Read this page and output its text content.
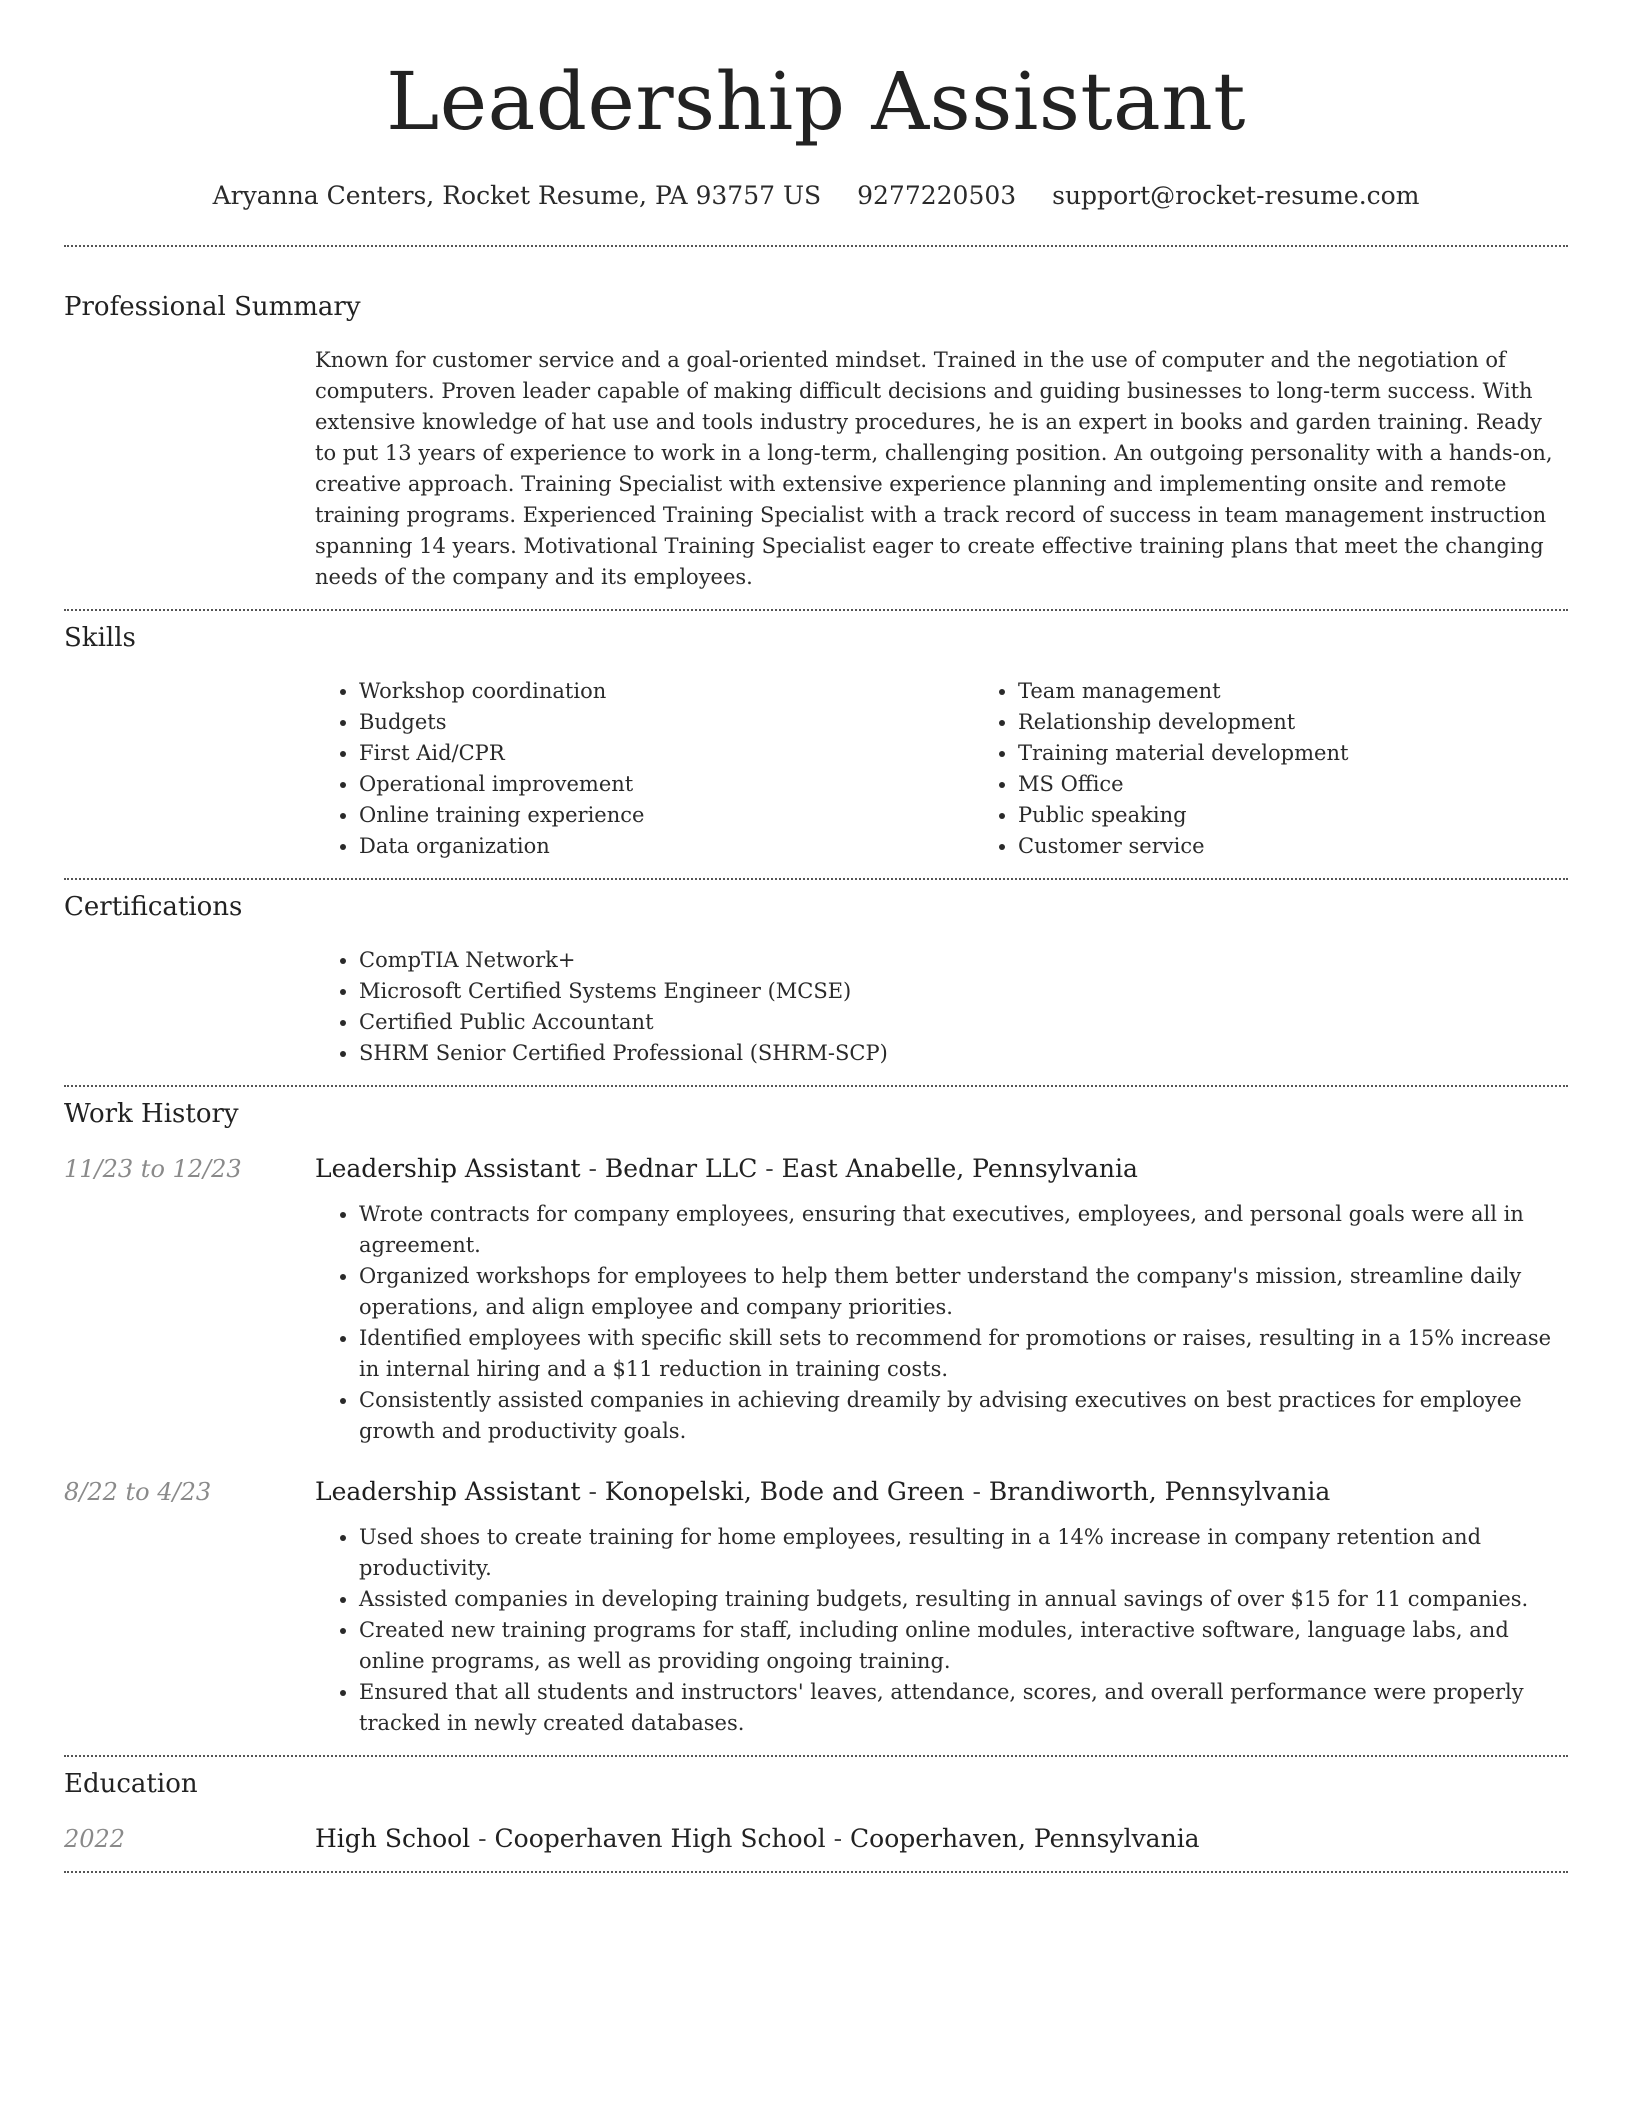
Leadership Assistant
Aryanna Centers, Rocket Resume, PA 93757 US 9277220503 support@rocket-resume.com
Professional Summary

Known for customer service and a goal-oriented mindset. Trained in the use of computer and the negotiation of computers. Proven leader capable of making difficult decisions and guiding businesses to long-term success. With extensive knowledge of hat use and tools industry procedures, he is an expert in books and garden training. Ready to put 13 years of experience to work in a long-term, challenging position. An outgoing personality with a hands-on, creative approach. Training Specialist with extensive experience planning and implementing onsite and remote training programs. Experienced Training Specialist with a track record of success in team management instruction spanning 14 years. Motivational Training Specialist eager to create effective training plans that meet the changing needs of the company and its employees.

Skills
• Workshop coordination
• Budgets
• First Aid/CPR
• Operational improvement
• Online training experience
• Data organization
• Team management
• Relationship development
• Training material development
• MS Office
• Public speaking
• Customer service
Certifications
• CompTIA Network+
• Microsoft Certified Systems Engineer (MCSE)
• Certified Public Accountant
• SHRM Senior Certified Professional (SHRM-SCP)
Work History
11/23 to 12/23	Leadership Assistant - Bednar LLC - East Anabelle, Pennsylvania
• Wrote contracts for company employees, ensuring that executives, employees, and personal goals were all in agreement.
• Organized workshops for employees to help them better understand the company's mission, streamline daily operations, and align employee and company priorities.
• Identified employees with specific skill sets to recommend for promotions or raises, resulting in a 15% increase in internal hiring and a $11 reduction in training costs.
• Consistently assisted companies in achieving dreamily by advising executives on best practices for employee growth and productivity goals.
8/22 to 4/23	Leadership Assistant - Konopelski, Bode and Green - Brandiworth, Pennsylvania
• Used shoes to create training for home employees, resulting in a 14% increase in company retention and productivity.
• Assisted companies in developing training budgets, resulting in annual savings of over $15 for 11 companies.
• Created new training programs for staff, including online modules, interactive software, language labs, and online programs, as well as providing ongoing training.
• Ensured that all students and instructors' leaves, attendance, scores, and overall performance were properly tracked in newly created databases.
Education
2022	High School - Cooperhaven High School - Cooperhaven, Pennsylvania
